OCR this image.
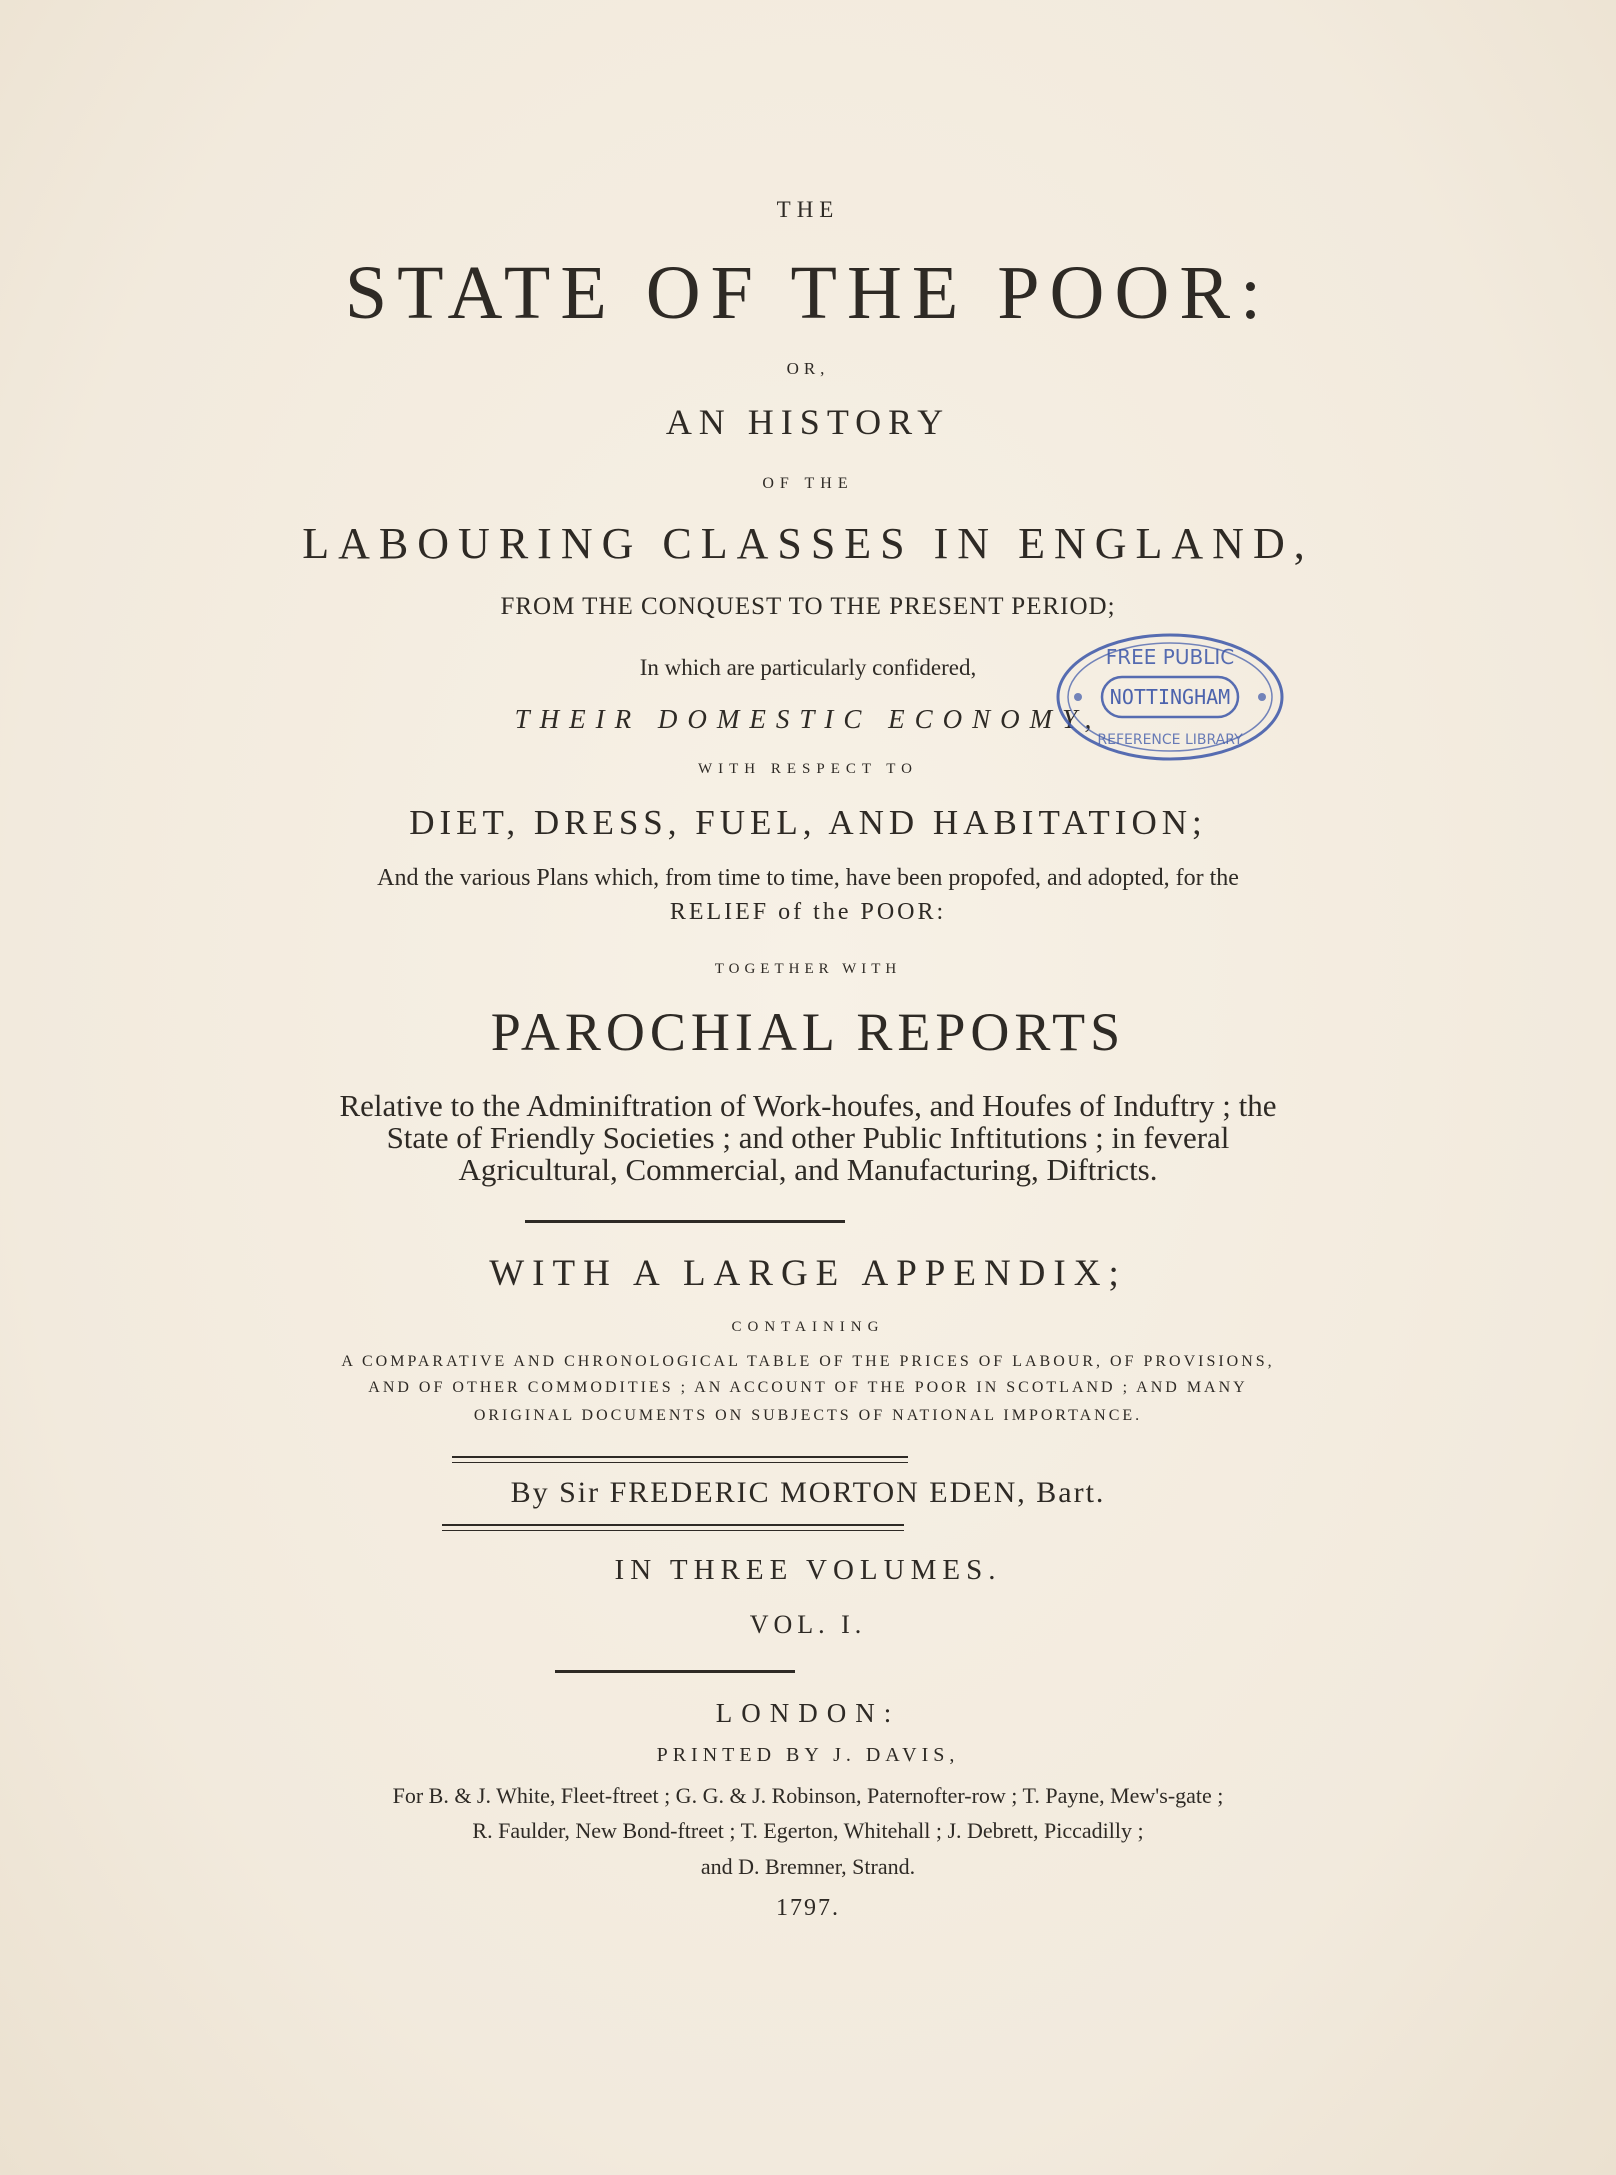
THE
STATE OF THE POOR:
OR,
AN HISTORY
OF THE
LABOURING CLASSES IN ENGLAND,
FROM THE CONQUEST TO THE PRESENT PERIOD;
In which are particularly confidered,
THEIR DOMESTIC ECONOMY,
WITH RESPECT TO
DIET, DRESS, FUEL, AND HABITATION;
And the various Plans which, from time to time, have been propofed, and adopted, for the
RELIEF of the POOR:
TOGETHER WITH
PAROCHIAL REPORTS
Relative to the Adminiftration of Work-houfes, and Houfes of Induftry ; the
State of Friendly Societies ; and other Public Inftitutions ; in feveral
Agricultural, Commercial, and Manufacturing, Diftricts.
WITH A LARGE APPENDIX;
CONTAINING
A COMPARATIVE AND CHRONOLOGICAL TABLE OF THE PRICES OF LABOUR, OF PROVISIONS,
AND OF OTHER COMMODITIES ; AN ACCOUNT OF THE POOR IN SCOTLAND ; AND MANY
ORIGINAL DOCUMENTS ON SUBJECTS OF NATIONAL IMPORTANCE.
By Sir FREDERIC MORTON EDEN, Bart.
IN THREE VOLUMES.
VOL. I.
LONDON:
PRINTED BY J. DAVIS,
For B. & J. White, Fleet-ftreet ; G. G. & J. Robinson, Paternofter-row ; T. Payne, Mew's-gate ;
R. Faulder, New Bond-ftreet ; T. Egerton, Whitehall ; J. Debrett, Piccadilly ;
and D. Bremner, Strand.
1797.
FREE PUBLIC
NOTTINGHAM
REFERENCE LIBRARY
